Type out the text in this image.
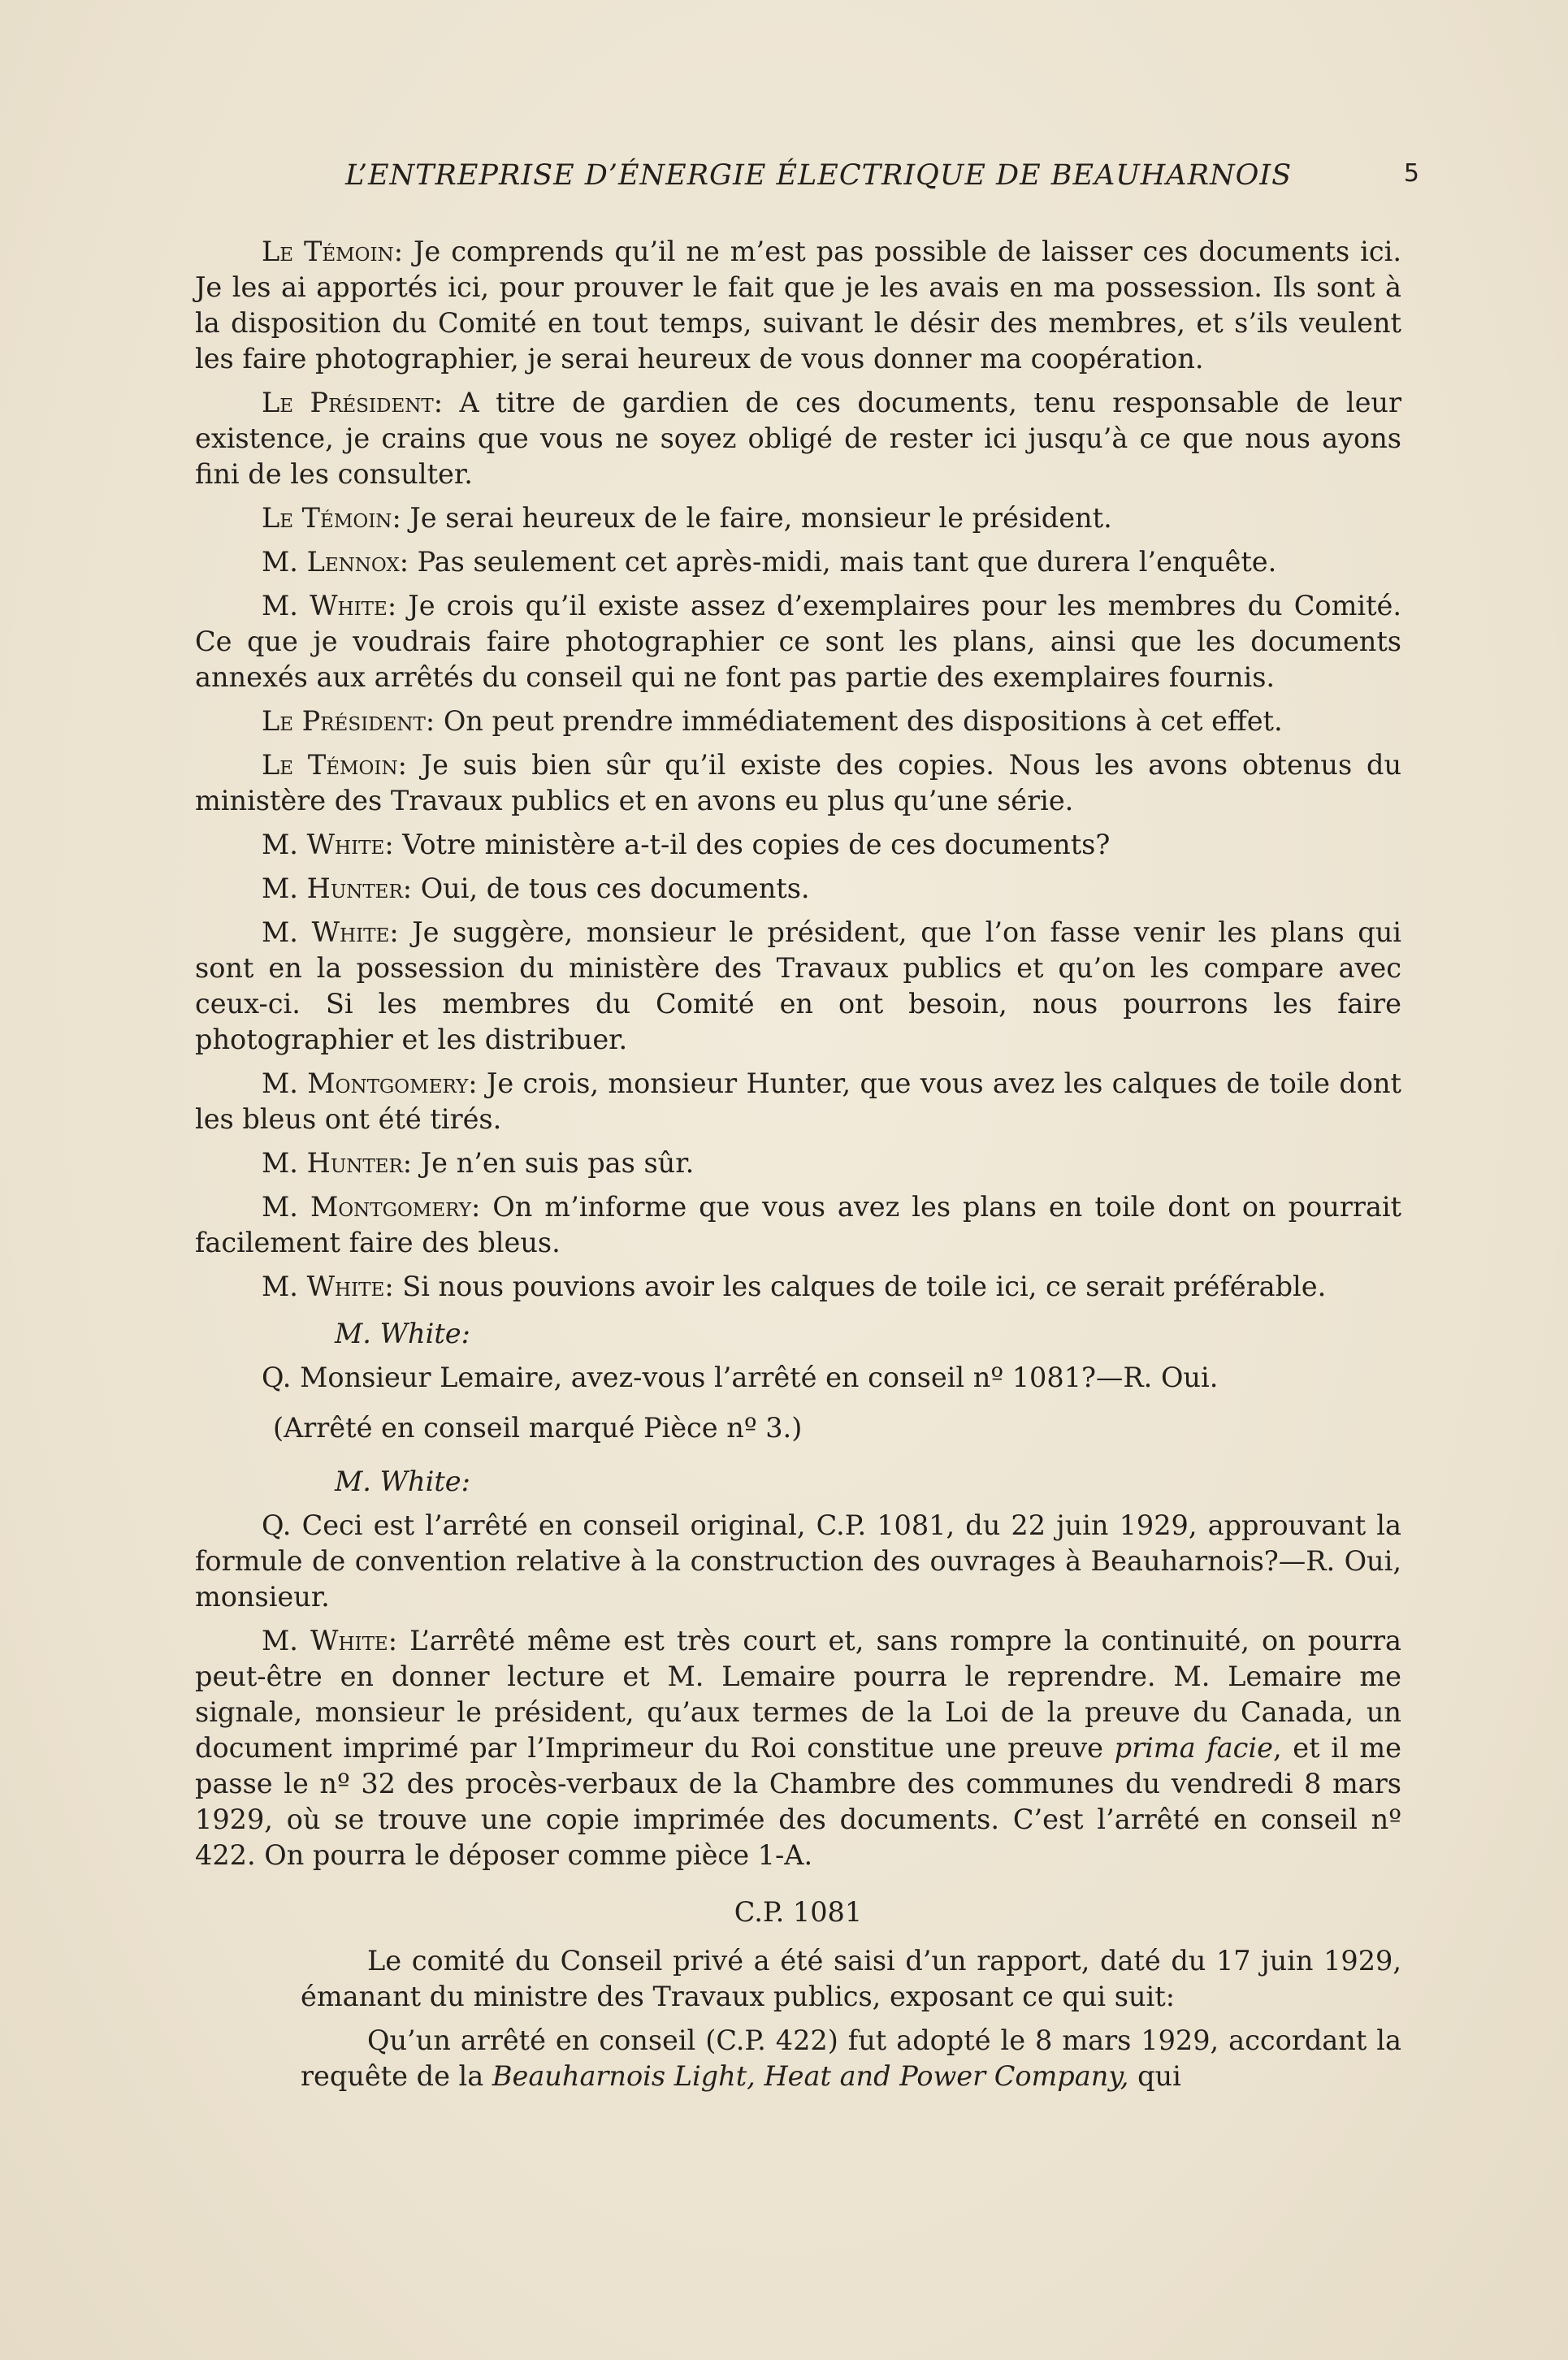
L’ENTREPRISE D’ÉNERGIE ÉLECTRIQUE DE BEAUHARNOIS	5

Le Témoin: Je comprends qu’il ne m’est pas possible de laisser ces documents ici. Je les ai apportés ici, pour prouver le fait que je les avais en ma possession. Ils sont à la disposition du Comité en tout temps, suivant le désir des membres, et s’ils veulent les faire photographier, je serai heureux de vous donner ma coopération.

Le Président: A titre de gardien de ces documents, tenu responsable de leur existence, je crains que vous ne soyez obligé de rester ici jusqu’à ce que nous ayons fini de les consulter.

Le Témoin: Je serai heureux de le faire, monsieur le président.

M. Lennox: Pas seulement cet après-midi, mais tant que durera l’enquête.

M. White: Je crois qu’il existe assez d’exemplaires pour les membres du Comité. Ce que je voudrais faire photographier ce sont les plans, ainsi que les documents annexés aux arrêtés du conseil qui ne font pas partie des exemplaires fournis.

Le Président: On peut prendre immédiatement des dispositions à cet effet.

Le Témoin: Je suis bien sûr qu’il existe des copies. Nous les avons obtenus du ministère des Travaux publics et en avons eu plus qu’une série.

M. White: Votre ministère a-t-il des copies de ces documents?

M. Hunter: Oui, de tous ces documents.

M. White: Je suggère, monsieur le président, que l’on fasse venir les plans qui sont en la possession du ministère des Travaux publics et qu’on les compare avec ceux-ci. Si les membres du Comité en ont besoin, nous pourrons les faire photographier et les distribuer.

M. Montgomery: Je crois, monsieur Hunter, que vous avez les calques de toile dont les bleus ont été tirés.

M. Hunter: Je n’en suis pas sûr.

M. Montgomery: On m’informe que vous avez les plans en toile dont on pourrait facilement faire des bleus.

M. White: Si nous pouvions avoir les calques de toile ici, ce serait préférable.

M. White:

Q. Monsieur Lemaire, avez-vous l’arrêté en conseil nº 1081?—R. Oui.

(Arrêté en conseil marqué Pièce nº 3.)

M. White:

Q. Ceci est l’arrêté en conseil original, C.P. 1081, du 22 juin 1929, approuvant la formule de convention relative à la construction des ouvrages à Beauharnois?—R. Oui, monsieur.

M. White: L’arrêté même est très court et, sans rompre la continuité, on pourra peut-être en donner lecture et M. Lemaire pourra le reprendre. M. Lemaire me signale, monsieur le président, qu’aux termes de la Loi de la preuve du Canada, un document imprimé par l’Imprimeur du Roi constitue une preuve prima facie, et il me passe le nº 32 des procès-verbaux de la Chambre des communes du vendredi 8 mars 1929, où se trouve une copie imprimée des documents. C’est l’arrêté en conseil nº 422. On pourra le déposer comme pièce 1-A.

C.P. 1081

Le comité du Conseil privé a été saisi d’un rapport, daté du 17 juin 1929, émanant du ministre des Travaux publics, exposant ce qui suit:

Qu’un arrêté en conseil (C.P. 422) fut adopté le 8 mars 1929, accordant la requête de la Beauharnois Light, Heat and Power Company, qui
